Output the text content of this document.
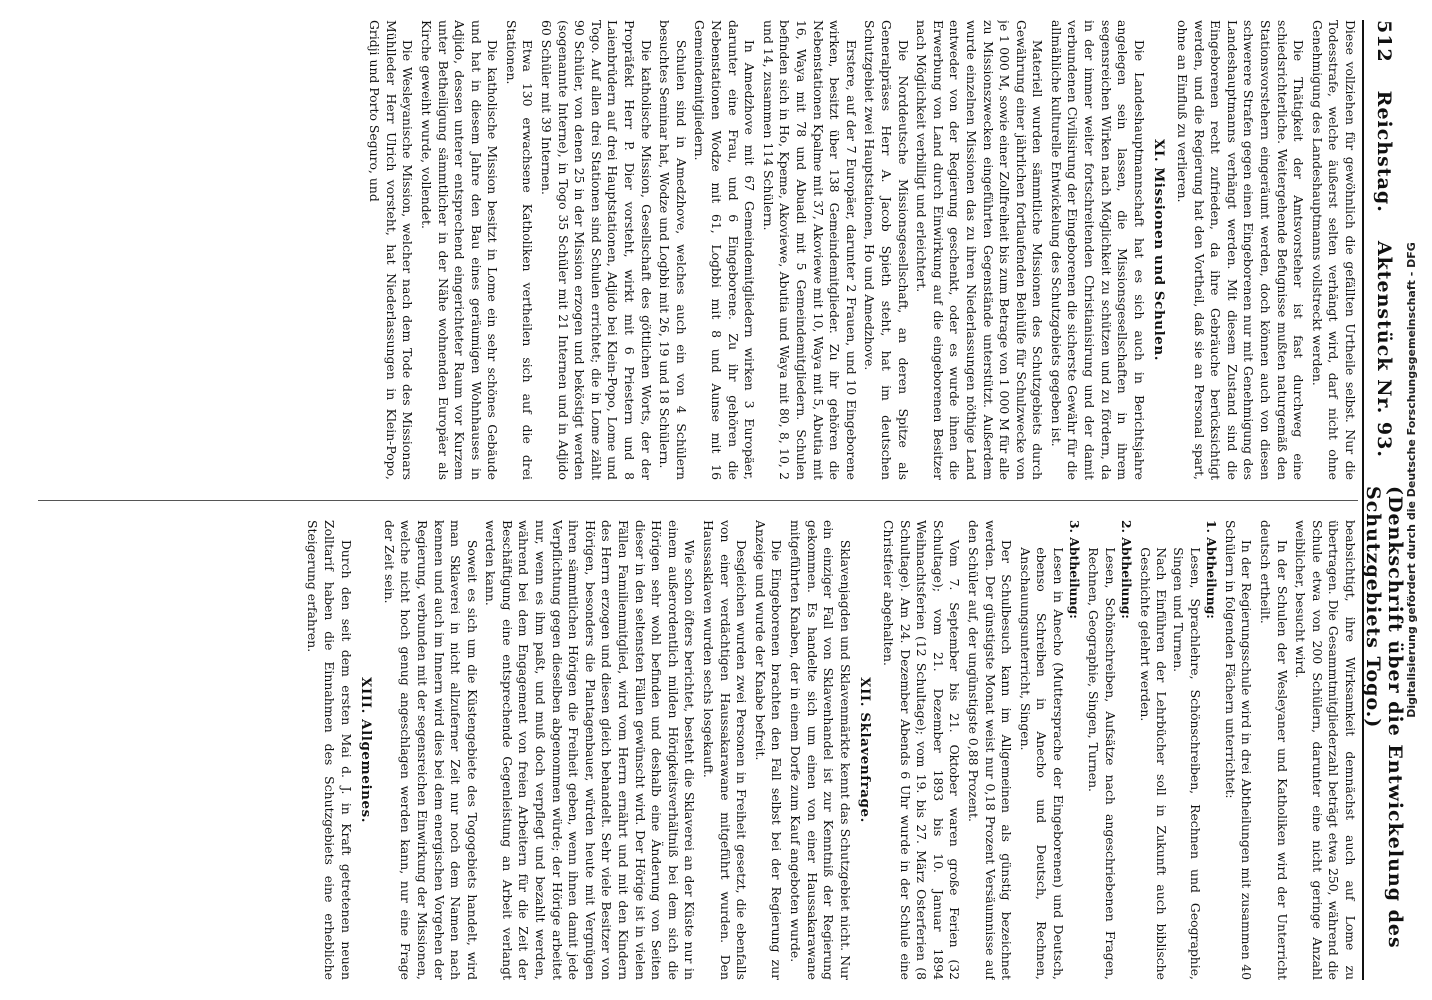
512
Reichstag.
Aktenstück Nr. 93.
(Denkschrift über die Entwickelung des Schutzgebiets Togo.)

Diese vollziehen für gewöhnlich die gefällten Urtheile selbst. Nur die Todesstrafe, welche äußerst selten verhängt wird, darf nicht ohne Genehmigung des Landeshauptmanns vollstreckt werden.

Die Thätigkeit der Amtsvorsteher ist fast durchweg eine schiedsrichterliche. Weitergehende Befugnisse mußten naturgemäß den Stationsvorstehern eingeräumt werden, doch können auch von diesen schwerere Strafen gegen einen Eingeborenen nur mit Genehmigung des Landeshauptmanns verhängt werden. Mit diesem Zustand sind die Eingeborenen recht zufrieden, da ihre Gebräuche berücksichtigt werden, und die Regierung hat den Vortheil, daß sie an Personal spart, ohne an Einfluß zu verlieren.

XI. Missionen und Schulen.

Die Landeshauptmannschaft hat es sich auch in Berichtsjahre angelegen sein lassen, die Missionsgesellschaften in ihrem segensreichen Wirken nach Möglichkeit zu schützen und zu fördern, da in der immer weiter fortschreitenden Christianisirung und der damit verbundenen Civilisirung der Eingeborenen die sicherste Gewähr für die allmähliche kulturelle Entwickelung des Schutzgebiets gegeben ist.

Materiell wurden sämmtliche Missionen des Schutzgebiets durch Gewährung einer jährlichen fortlaufenden Beihülfe für Schulzwecke von je 1 000 M, sowie einer Zollfreiheit bis zum Betrage von 1 000 M für alle zu Missionszwecken eingeführten Gegenstände unterstützt. Außerdem wurde einzelnen Missionen das zu ihren Niederlassungen nöthige Land entweder von der Regierung geschenkt, oder es wurde ihnen die Erwerbung von Land durch Einwirkung auf die eingeborenen Besitzer nach Möglichkeit verbilligt und erleichtert.

Die Norddeutsche Missionsgesellschaft, an deren Spitze als Generalpräses Herr A. Jacob Spieth steht, hat im deutschen Schutzgebiet zwei Hauptstationen, Ho und Amedzhove.

Erstere, auf der 7 Europäer, darunter 2 Frauen, und 10 Eingeborene wirken, besitzt über 138 Gemeindemitglieder. Zu ihr gehören die Nebenstationen Kpalme mit 37, Akoviewe mit 10, Waya mit 5, Abutia mit 16, Waya mit 78 und Abuadi mit 5 Gemeindemitgliedern. Schulen befinden sich in Ho, Kpeme, Akoviewe, Abutia und Waya mit 80, 8, 10, 2 und 14, zusammen 114 Schülern.

In Amedzhove mit 67 Gemeindemitgliedern wirken 3 Europäer, darunter eine Frau, und 6 Eingeborene. Zu ihr gehören die Nebenstationen Wodze mit 61, Logbbi mit 8 und Aunse mit 16 Gemeindemitgliedern.

Schulen sind in Amedzhove, welches auch ein von 4 Schülern besuchtes Seminar hat, Wodze und Logbbi mit 26, 19 und 18 Schülern.

Die katholische Mission, Gesellschaft des göttlichen Worts, der der Propräfekt Herr P. Dier vorsteht, wirkt mit 6 Priestern und 8 Laienbrüdern auf drei Hauptstationen, Adjido bei Klein-Popo, Lome und Togo. Auf allen drei Stationen sind Schulen errichtet; die in Lome zählt 90 Schüler, von denen 25 in der Mission erzogen und beköstigt werden (sogenannte Interne), in Togo 35 Schüler mit 21 Internen und in Adjido 60 Schüler mit 39 Internen.

Etwa 130 erwachsene Katholiken vertheilen sich auf die drei Stationen.

Die katholische Mission besitzt in Lome ein sehr schönes Gebäude und hat in diesem Jahre den Bau eines geräumigen Wohnhauses in Adjido, dessen unterer entsprechend eingerichteter Raum vor Kurzem unter Betheiligung sämmtlicher in der Nähe wohnenden Europäer als Kirche geweiht wurde, vollendet.

Die Wesleyanische Mission, welcher nach dem Tode des Missionars Mühlleder Herr Ulrich vorsteht, hat Niederlassungen in Klein-Popo, Gridji und Porto Seguro, und

beabsichtigt, ihre Wirksamkeit demnächst auch auf Lome zu übertragen. Die Gesammtmitgliederzahl beträgt etwa 250, während die Schule etwa von 200 Schülern, darunter eine nicht geringe Anzahl weiblicher, besucht wird.

In der Schulen der Wesleyaner und Katholiken wird der Unterricht deutsch ertheilt.

In der Regierungsschule wird in drei Abtheilungen mit zusammen 40 Schülern in folgenden Fächern unterrichtet:

1. Abtheilung:
Lesen, Sprachlehre, Schönschreiben, Rechnen und Geographie, Singen und Turnen.
Nach Einführen der Lehrbücher soll in Zukunft auch biblische Geschichte gelehrt werden.
2. Abtheilung:
Lesen, Schönschreiben, Aufsätze nach angeschriebenen Fragen, Rechnen, Geographie, Singen, Turnen.
3. Abtheilung:
Lesen in Anecho (Muttersprache der Eingeborenen) und Deutsch, ebenso Schreiben in Anecho und Deutsch, Rechnen, Anschauungsunterricht, Singen.

Der Schulbesuch kann im Allgemeinen als günstig bezeichnet werden. Der günstigste Monat weist nur 0,18 Prozent Versäumnisse auf den Schüler auf, der ungünstigste 0,88 Prozent.

Vom 7. September bis 21. Oktober waren große Ferien (32 Schultage); vom 21. Dezember 1893 bis 10. Januar 1894 Weihnachtsferien (12 Schultage); vom 19. bis 27. März Osterferien (8 Schultage). Am 24. Dezember Abends 6 Uhr wurde in der Schule eine Christfeier abgehalten.

XII. Sklavenfrage.

Sklavenjagden und Sklavenmärkte kennt das Schutzgebiet nicht. Nur ein einziger Fall von Sklavenhandel ist zur Kenntniß der Regierung gekommen. Es handelte sich um einen von einer Haussakarawane mitgeführten Knaben, der in einem Dorfe zum Kauf angeboten wurde.

Die Eingeborenen brachten den Fall selbst bei der Regierung zur Anzeige und wurde der Knabe befreit.

Desgleichen wurden zwei Personen in Freiheit gesetzt, die ebenfalls von einer verdächtigen Haussakarawane mitgeführt wurden. Den Haussasklaven wurden sechs losgekauft.

Wie schon öfters berichtet, besteht die Sklaverei an der Küste nur in einem außerordentlich milden Hörigkeitsverhältniß bei dem sich die Hörigen sehr wohl befinden und deshalb eine Änderung von Seiten dieser in den seltensten Fällen gewünscht wird. Der Hörige ist in vielen Fällen Familienmitglied, wird vom Herrn ernährt und mit den Kindern des Herrn erzogen und diesen gleich behandelt. Sehr viele Besitzer von Hörigen, besonders die Plantagenbauer, würden heute mit Vergnügen ihren sämmtlichen Hörigen die Freiheit geben, wenn ihnen damit jede Verpflichtung gegen dieselben abgenommen würde; der Hörige arbeitet nur, wenn es ihm paßt, und muß doch verpflegt und bezahlt werden, während bei dem Engagement von freien Arbeitern für die Zeit der Beschäftigung eine entsprechende Gegenleistung an Arbeit verlangt werden kann.

Soweit es sich um die Küstengebiete des Togogebiets handelt, wird man Sklaverei in nicht allzuferner Zeit nur noch dem Namen nach kennen und auch im Innern wird dies bei dem energischen Vorgehen der Regierung, verbunden mit der segensreichen Einwirkung der Missionen, welche nicht hoch genug angeschlagen werden kann, nur eine Frage der Zeit sein.

XIII. Allgemeines.

Durch den seit dem ersten Mai d. J. in Kraft getretenen neuen Zolltarif haben die Einnahmen des Schutzgebiets eine erhebliche Steigerung erfahren.	Digitalisierung gefördert durch die Deutsche Forschungsgemeinschaft - DFG
